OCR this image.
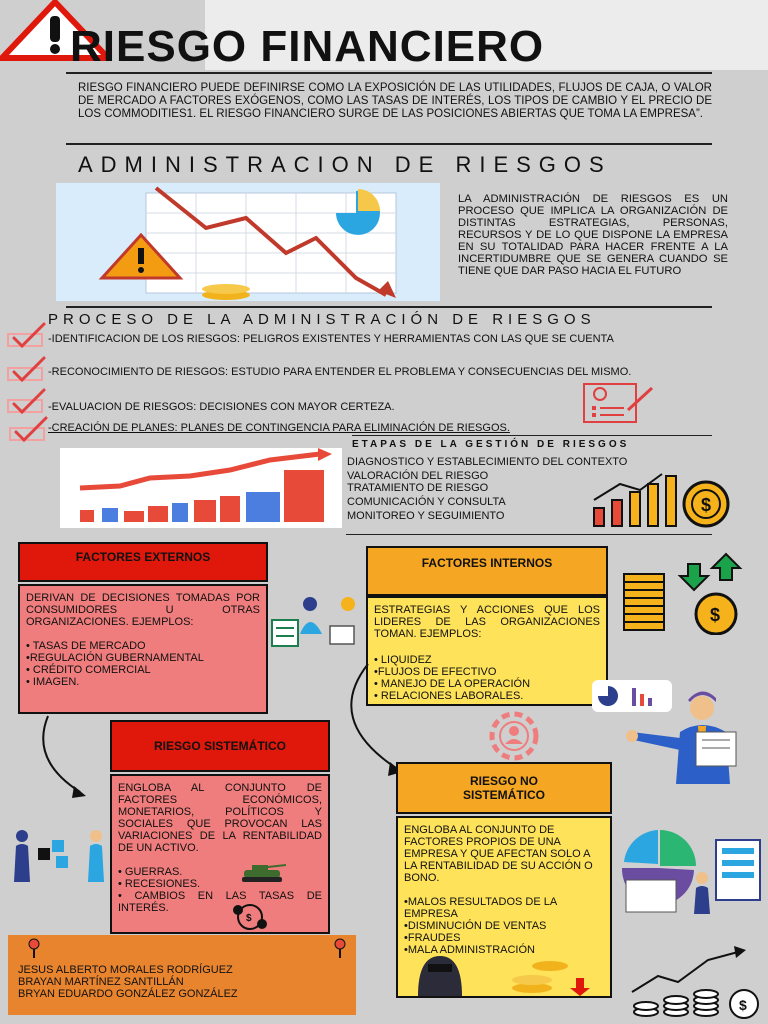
RIESGO FINANCIERO
RIESGO FINANCIERO PUEDE DEFINIRSE COMO LA EXPOSICIÓN DE LAS UTILIDADES, FLUJOS DE CAJA, O VALOR DE MERCADO A FACTORES EXÓGENOS, COMO LAS TASAS DE INTERÉS, LOS TIPOS DE CAMBIO Y EL PRECIO DE LOS COMMODITIES1. EL RIESGO FINANCIERO SURGE DE LAS POSICIONES ABIERTAS QUE TOMA LA EMPRESA”.
ADMINISTRACION DE RIESGOS
LA ADMINISTRACIÓN DE RIESGOS ES UN PROCESO QUE IMPLICA LA ORGANIZACIÓN DE DISTINTAS ESTRATEGIAS, PERSONAS, RECURSOS Y DE LO QUE DISPONE LA EMPRESA EN SU TOTALIDAD PARA HACER FRENTE A LA INCERTIDUMBRE QUE SE GENERA CUANDO SE TIENE QUE DAR PASO HACIA EL FUTURO
PROCESO DE LA ADMINISTRACIÓN DE RIESGOS
-IDENTIFICACION DE LOS RIESGOS: PELIGROS EXISTENTES Y HERRAMIENTAS CON LAS QUE SE CUENTA
-RECONOCIMIENTO DE RIESGOS: ESTUDIO PARA ENTENDER EL PROBLEMA Y CONSECUENCIAS DEL MISMO.
-EVALUACION DE RIESGOS: DECISIONES CON MAYOR CERTEZA.
-CREACIÓN DE PLANES: PLANES DE CONTINGENCIA PARA ELIMINACIÓN DE RIESGOS.
ETAPAS DE LA GESTIÓN DE RIESGOS
DIAGNOSTICO Y ESTABLECIMIENTO DEL CONTEXTO
VALORACIÓN DEL RIESGO
TRATAMIENTO DE RIESGO
COMUNICACIÓN Y CONSULTA
MONITOREO Y SEGUIMIENTO
$
FACTORES EXTERNOS
DERIVAN DE DECISIONES TOMADAS POR CONSUMIDORES U OTRAS ORGANIZACIONES. EJEMPLOS:
• TASAS DE MERCADO
•REGULACIÓN GUBERNAMENTAL
• CRÉDITO COMERCIAL
• IMAGEN.
FACTORES INTERNOS
ESTRATEGIAS Y ACCIONES QUE LOS LIDERES DE LAS ORGANIZACIONES TOMAN. EJEMPLOS:
• LIQUIDEZ
•FLUJOS DE EFECTIVO
• MANEJO DE LA OPERACIÓN
• RELACIONES LABORALES.
$
RIESGO SISTEMÁTICO
ENGLOBA AL CONJUNTO DE FACTORES ECONÓMICOS, MONETARIOS, POLÍTICOS Y SOCIALES QUE PROVOCAN LAS VARIACIONES DE LA RENTABILIDAD DE UN ACTIVO.
• GUERRAS.
• RECESIONES.
• CAMBIOS EN LAS TASAS DE INTERÉS.
$
RIESGO NO SISTEMÁTICO
ENGLOBA AL CONJUNTO DE FACTORES PROPIOS DE UNA EMPRESA Y QUE AFECTAN SOLO A LA RENTABILIDAD DE SU ACCIÓN O BONO.
•MALOS RESULTADOS DE LA EMPRESA
•DISMINUCIÓN DE VENTAS
•FRAUDES
•MALA ADMINISTRACIÓN
JESUS ALBERTO MORALES RODRÍGUEZ
BRAYAN MARTÍNEZ SANTILLÁN
BRYAN EDUARDO GONZÁLEZ GONZÁLEZ
$
